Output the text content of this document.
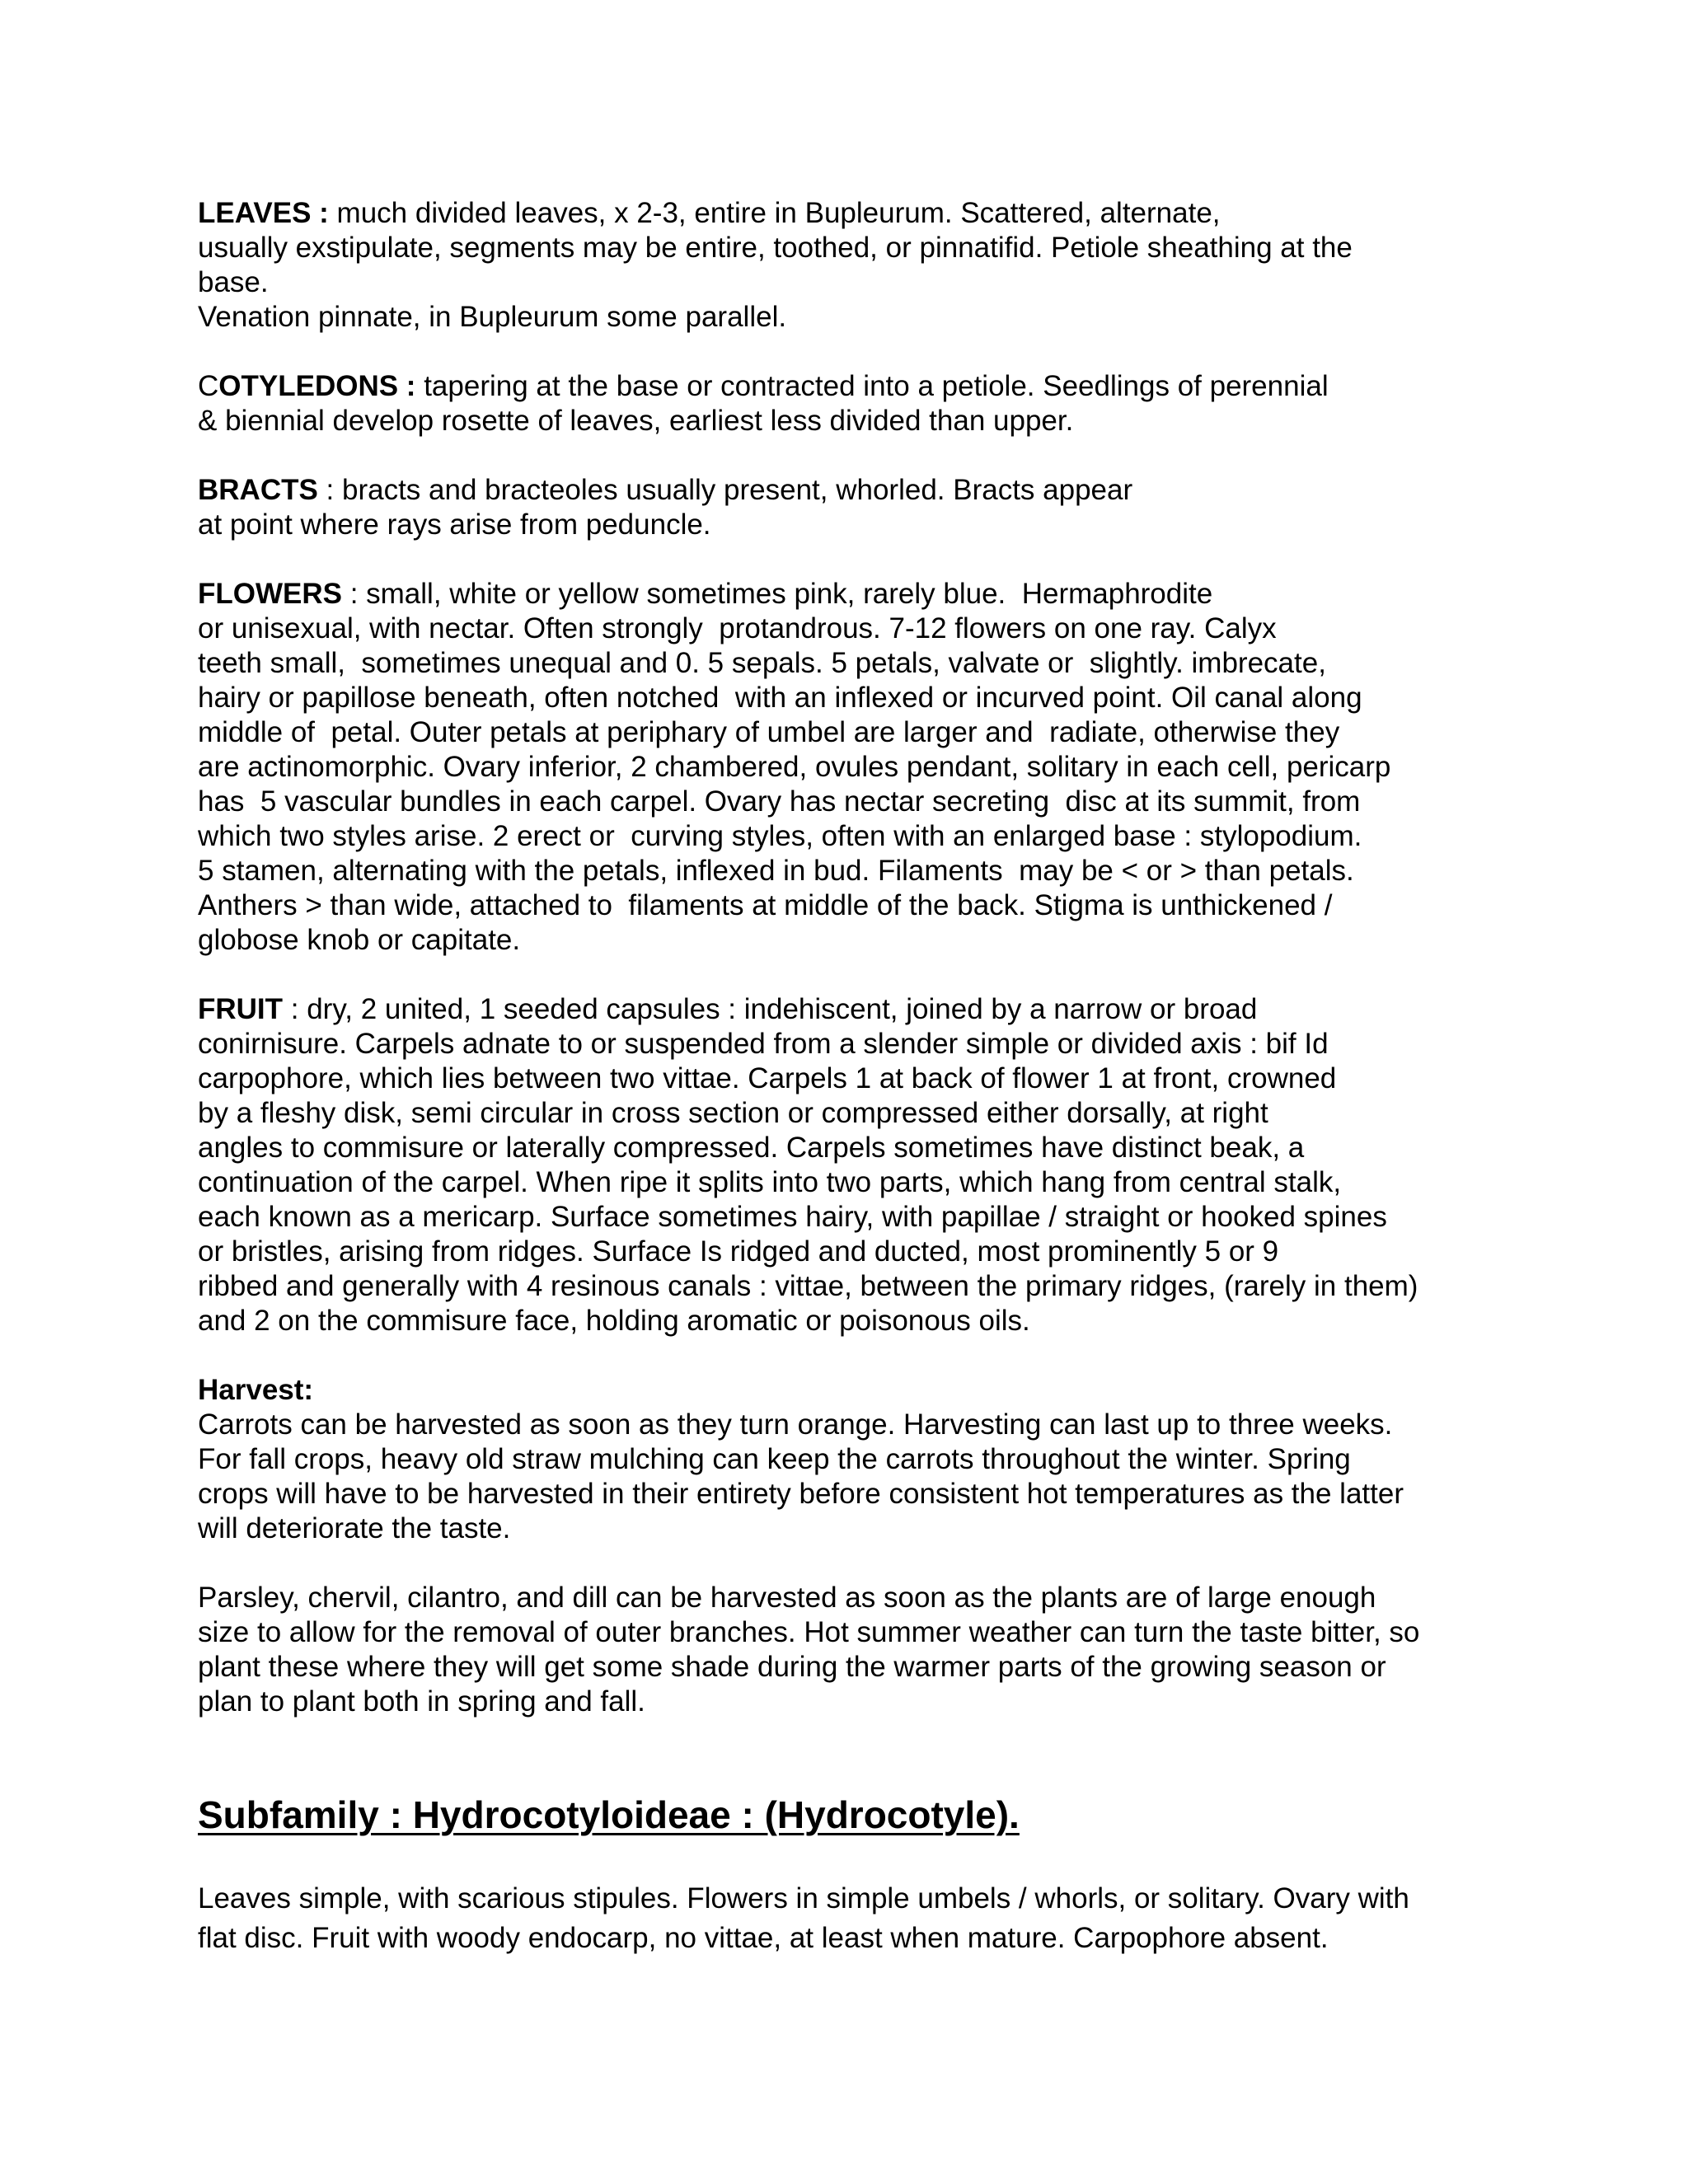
LEAVES : much divided leaves, x 2-3, entire in Bupleurum. Scattered, alternate,
usually exstipulate, segments may be entire, toothed, or pinnatifid. Petiole sheathing at the
base.
Venation pinnate, in Bupleurum some parallel.
COTYLEDONS : tapering at the base or contracted into a petiole. Seedlings of perennial
& biennial develop rosette of leaves, earliest less divided than upper.
BRACTS : bracts and bracteoles usually present, whorled. Bracts appear
at point where rays arise from peduncle.
FLOWERS : small, white or yellow sometimes pink, rarely blue.  Hermaphrodite
or unisexual, with nectar. Often strongly  protandrous. 7-12 flowers on one ray. Calyx
teeth small,  sometimes unequal and 0. 5 sepals. 5 petals, valvate or  slightly. imbrecate,
hairy or papillose beneath, often notched  with an inflexed or incurved point. Oil canal along
middle of  petal. Outer petals at periphary of umbel are larger and  radiate, otherwise they
are actinomorphic. Ovary inferior, 2 chambered, ovules pendant, solitary in each cell, pericarp
has  5 vascular bundles in each carpel. Ovary has nectar secreting  disc at its summit, from
which two styles arise. 2 erect or  curving styles, often with an enlarged base : stylopodium.
5 stamen, alternating with the petals, inflexed in bud. Filaments  may be < or > than petals.
Anthers > than wide, attached to  filaments at middle of the back. Stigma is unthickened /
globose knob or capitate.
FRUIT : dry, 2 united, 1 seeded capsules : indehiscent, joined by a narrow or broad
conirnisure. Carpels adnate to or suspended from a slender simple or divided axis : bif Id
carpophore, which lies between two vittae. Carpels 1 at back of flower 1 at front, crowned
by a fleshy disk, semi circular in cross section or compressed either dorsally, at right
angles to commisure or laterally compressed. Carpels sometimes have distinct beak, a
continuation of the carpel. When ripe it splits into two parts, which hang from central stalk,
each known as a mericarp. Surface sometimes hairy, with papillae / straight or hooked spines
or bristles, arising from ridges. Surface Is ridged and ducted, most prominently 5 or 9
ribbed and generally with 4 resinous canals : vittae, between the primary ridges, (rarely in them)
and 2 on the commisure face, holding aromatic or poisonous oils.
Harvest:
Carrots can be harvested as soon as they turn orange. Harvesting can last up to three weeks.
For fall crops, heavy old straw mulching can keep the carrots throughout the winter. Spring
crops will have to be harvested in their entirety before consistent hot temperatures as the latter
will deteriorate the taste.
Parsley, chervil, cilantro, and dill can be harvested as soon as the plants are of large enough
size to allow for the removal of outer branches. Hot summer weather can turn the taste bitter, so
plant these where they will get some shade during the warmer parts of the growing season or
plan to plant both in spring and fall.
Subfamily : Hydrocotyloideae : (Hydrocotyle).
Leaves simple, with scarious stipules. Flowers in simple umbels / whorls, or solitary. Ovary with
flat disc. Fruit with woody endocarp, no vittae, at least when mature. Carpophore absent.
